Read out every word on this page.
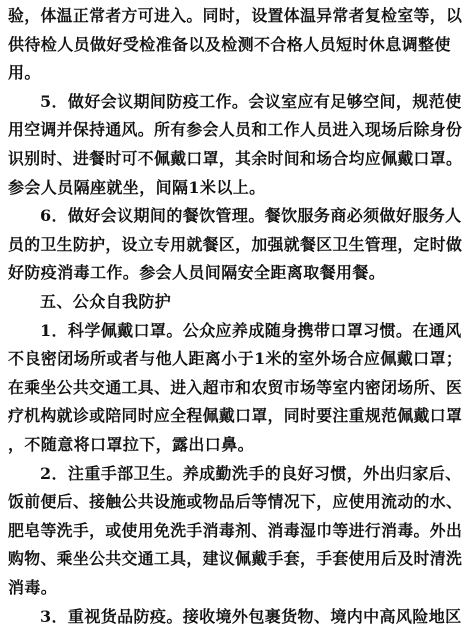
验，体温正常者方可进入。同时，设置体温异常者复检室等，以
供待检人员做好受检准备以及检测不合格人员短时休息调整使
用。
5．做好会议期间防疫工作。会议室应有足够空间，规范使
用空调并保持通风。所有参会人员和工作人员进入现场后除身份
识别时、进餐时可不佩戴口罩，其余时间和场合均应佩戴口罩。
参会人员隔座就坐，间隔1米以上。
6．做好会议期间的餐饮管理。餐饮服务商必须做好服务人
员的卫生防护，设立专用就餐区，加强就餐区卫生管理，定时做
好防疫消毒工作。参会人员间隔安全距离取餐用餐。
五、公众自我防护
1．科学佩戴口罩。公众应养成随身携带口罩习惯。在通风
不良密闭场所或者与他人距离小于1米的室外场合应佩戴口罩；
在乘坐公共交通工具、进入超市和农贸市场等室内密闭场所、医
疗机构就诊或陪同时应全程佩戴口罩，同时要注重规范佩戴口罩
，不随意将口罩拉下，露出口鼻。
2．注重手部卫生。养成勤洗手的良好习惯，外出归家后、
饭前便后、接触公共设施或物品后等情况下，应使用流动的水、
肥皂等洗手，或使用免洗手消毒剂、消毒湿巾等进行消毒。外出
购物、乘坐公共交通工具，建议佩戴手套，手套使用后及时清洗
消毒。
3．重视货品防疫。接收境外包裹货物、境内中高风险地区
